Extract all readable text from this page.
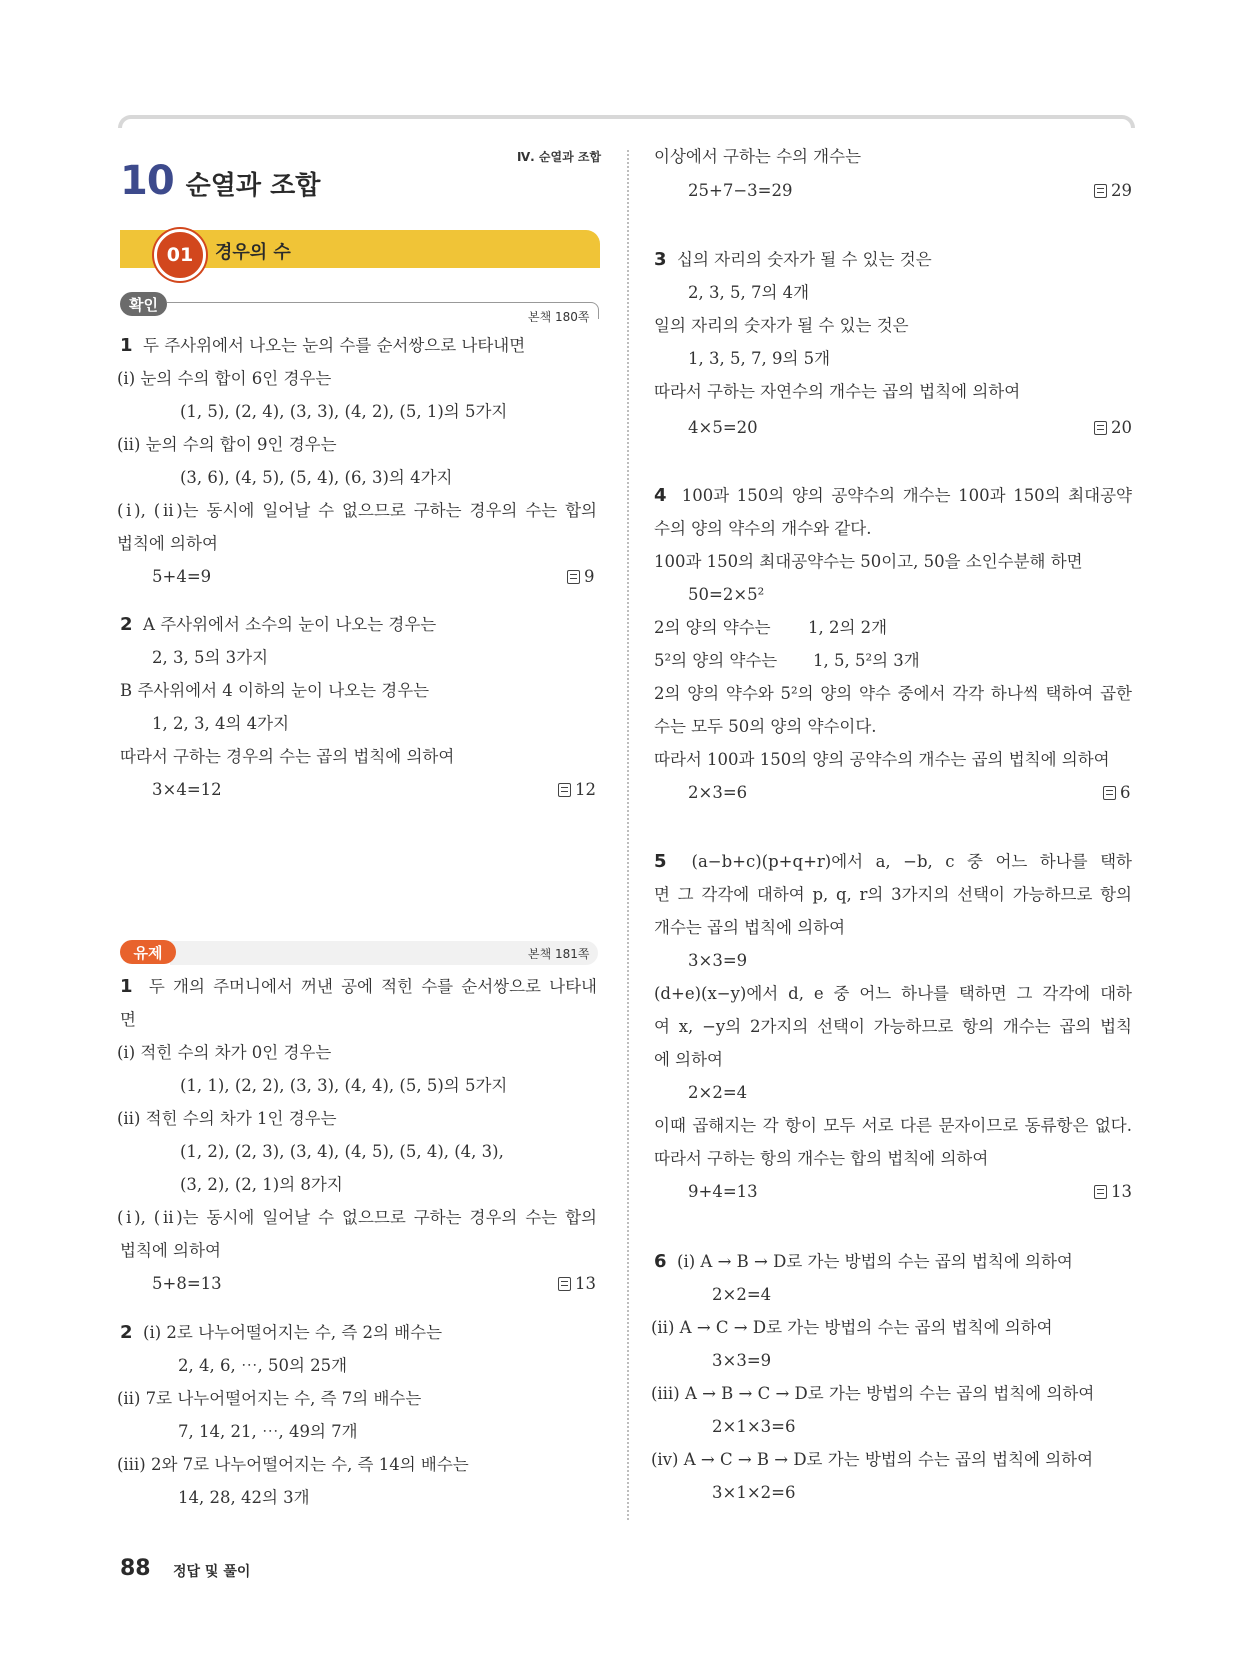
Ⅳ. 순열과 조합
10 순열과 조합
01	경우의 수
확인
본책 180쪽
1 두 주사위에서 나오는 눈의 수를 순서쌍으로 나타내면
(ⅰ) 눈의 수의 합이 6인 경우는
(1, 5), (2, 4), (3, 3), (4, 2), (5, 1)의 5가지
(ⅱ) 눈의 수의 합이 9인 경우는
(3, 6), (4, 5), (5, 4), (6, 3)의 4가지
(ⅰ), (ⅱ)는 동시에 일어날 수 없으므로 구하는 경우의 수는 합의
법칙에 의하여
5+4=9	9
2 A 주사위에서 소수의 눈이 나오는 경우는
2, 3, 5의 3가지
B 주사위에서 4 이하의 눈이 나오는 경우는
1, 2, 3, 4의 4가지
따라서 구하는 경우의 수는 곱의 법칙에 의하여
3×4=12	12
유제	본책 181쪽
1 두 개의 주머니에서 꺼낸 공에 적힌 수를 순서쌍으로 나타내
면
(ⅰ) 적힌 수의 차가 0인 경우는
(1, 1), (2, 2), (3, 3), (4, 4), (5, 5)의 5가지
(ⅱ) 적힌 수의 차가 1인 경우는
(1, 2), (2, 3), (3, 4), (4, 5), (5, 4), (4, 3),
(3, 2), (2, 1)의 8가지
(ⅰ), (ⅱ)는 동시에 일어날 수 없으므로 구하는 경우의 수는 합의
법칙에 의하여
5+8=13	13
2 (ⅰ) 2로 나누어떨어지는 수, 즉 2의 배수는
2, 4, 6, ⋯, 50의 25개
(ⅱ) 7로 나누어떨어지는 수, 즉 7의 배수는
7, 14, 21, ⋯, 49의 7개
(ⅲ) 2와 7로 나누어떨어지는 수, 즉 14의 배수는
14, 28, 42의 3개
이상에서 구하는 수의 개수는
25+7−3=29	29
3 십의 자리의 숫자가 될 수 있는 것은
2, 3, 5, 7의 4개
일의 자리의 숫자가 될 수 있는 것은
1, 3, 5, 7, 9의 5개
따라서 구하는 자연수의 개수는 곱의 법칙에 의하여
4×5=20	20
4 100과 150의 양의 공약수의 개수는 100과 150의 최대공약
수의 양의 약수의 개수와 같다.
100과 150의 최대공약수는 50이고, 50을 소인수분해 하면
50=2×5²
2의 양의 약수는 1, 2의 2개
5²의 양의 약수는 1, 5, 5²의 3개
2의 양의 약수와 5²의 양의 약수 중에서 각각 하나씩 택하여 곱한
수는 모두 50의 양의 약수이다.
따라서 100과 150의 양의 공약수의 개수는 곱의 법칙에 의하여
2×3=6	6
5 (a−b+c)(p+q+r)에서 a, −b, c 중 어느 하나를 택하
면 그 각각에 대하여 p, q, r의 3가지의 선택이 가능하므로 항의
개수는 곱의 법칙에 의하여
3×3=9
(d+e)(x−y)에서 d, e 중 어느 하나를 택하면 그 각각에 대하
여 x, −y의 2가지의 선택이 가능하므로 항의 개수는 곱의 법칙
에 의하여
2×2=4
이때 곱해지는 각 항이 모두 서로 다른 문자이므로 동류항은 없다.
따라서 구하는 항의 개수는 합의 법칙에 의하여
9+4=13	13
6 (ⅰ) A → B → D로 가는 방법의 수는 곱의 법칙에 의하여
2×2=4
(ⅱ) A → C → D로 가는 방법의 수는 곱의 법칙에 의하여
3×3=9
(ⅲ) A → B → C → D로 가는 방법의 수는 곱의 법칙에 의하여
2×1×3=6
(ⅳ) A → C → B → D로 가는 방법의 수는 곱의 법칙에 의하여
3×1×2=6
88 정답 및 풀이
